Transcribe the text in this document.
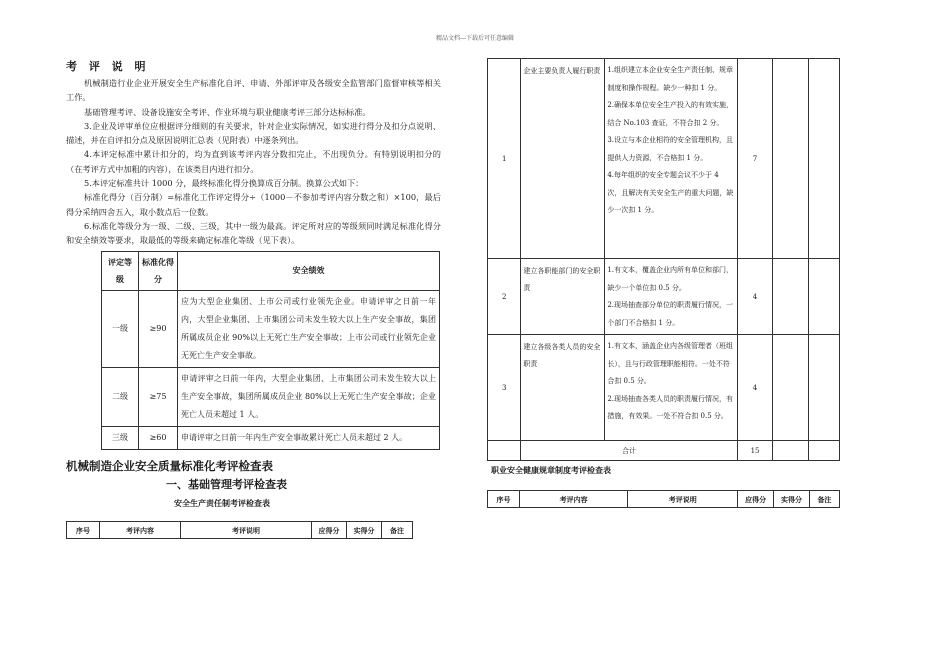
精品文档---下载后可任意编辑
考 评 说 明

机械制造行业企业开展安全生产标准化自评、申请、外部评审及各级安全监管部门监督审核等相关工作。

基础管理考评、设备设施安全考评、作业环境与职业健康考评三部分达标标准。

3.企业及评审单位应根据评分细则的有关要求，针对企业实际情况，如实进行得分及扣分点说明、描述，并在自评扣分点及原因说明汇总表（见附表）中逐条列出。

4.本评定标准中累计扣分的，均为直到该考评内容分数扣完止，不出现负分。有特别说明扣分的（在考评方式中加粗的内容），在该类目内进行扣分。

5.本评定标准共计 1000 分，最终标准化得分换算成百分制。换算公式如下：

标准化得分（百分制）=标准化工作评定得分÷（1000－不参加考评内容分数之和）×100，最后得分采纳四舍五入，取小数点后一位数。

6.标准化等级分为一级、二级、三级，其中一级为最高。评定所对应的等级须同时满足标准化得分和安全绩效等要求，取最低的等级来确定标准化等级（见下表）。

评定等级	标准化得分	安全绩效
一级	≥90	应为大型企业集团、上市公司或行业领先企业。申请评审之日前一年内，大型企业集团、上市集团公司未发生较大以上生产安全事故，集团所属成员企业 90%以上无死亡生产安全事故；上市公司或行业领先企业无死亡生产安全事故。
二级	≥75	申请评审之日前一年内，大型企业集团、上市集团公司未发生较大以上生产安全事故，集团所属成员企业 80%以上无死亡生产安全事故；企业死亡人员未超过 1 人。
三级	≥60	申请评审之日前一年内生产安全事故累计死亡人员未超过 2 人。
机械制造企业安全质量标准化考评检查表
一、基础管理考评检查表
安全生产责任制考评检查表
序号	考评内容	考评说明	应得分	实得分	备注
1	企业主要负责人履行职责	1.组织建立本企业安全生产责任制、规章制度和操作规程。缺少一种扣 1 分。
2.确保本单位安全生产投入的有效实施，结合 No.103 查证，不符合扣 2 分。
3.设立与本企业相符的安全管理机构，且提供人力资源，不合格扣 1 分。
4.每年组织的安全专题会议不少于 4 次，且解决有关安全生产的重大问题，缺少一次扣 1 分。	7		
2	建立各职能部门的安全职责	1.有文本，覆盖企业内所有单位和部门，缺少一个单位扣 0.5 分。
2.现场抽查部分单位的职责履行情况，一个部门不合格扣 1 分。	4		
3	建立各级各类人员的安全职责	1.有文本，涵盖企业内各级管理者（班组长），且与行政管理职能相符。一处不符合扣 0.5 分。
2.现场抽查各类人员的职责履行情况，有措施，有效果。一处不符合扣 0.5 分。	4		
	合计		15		
职业安全健康规章制度考评检查表
序号	考评内容	考评说明	应得分	实得分	备注
